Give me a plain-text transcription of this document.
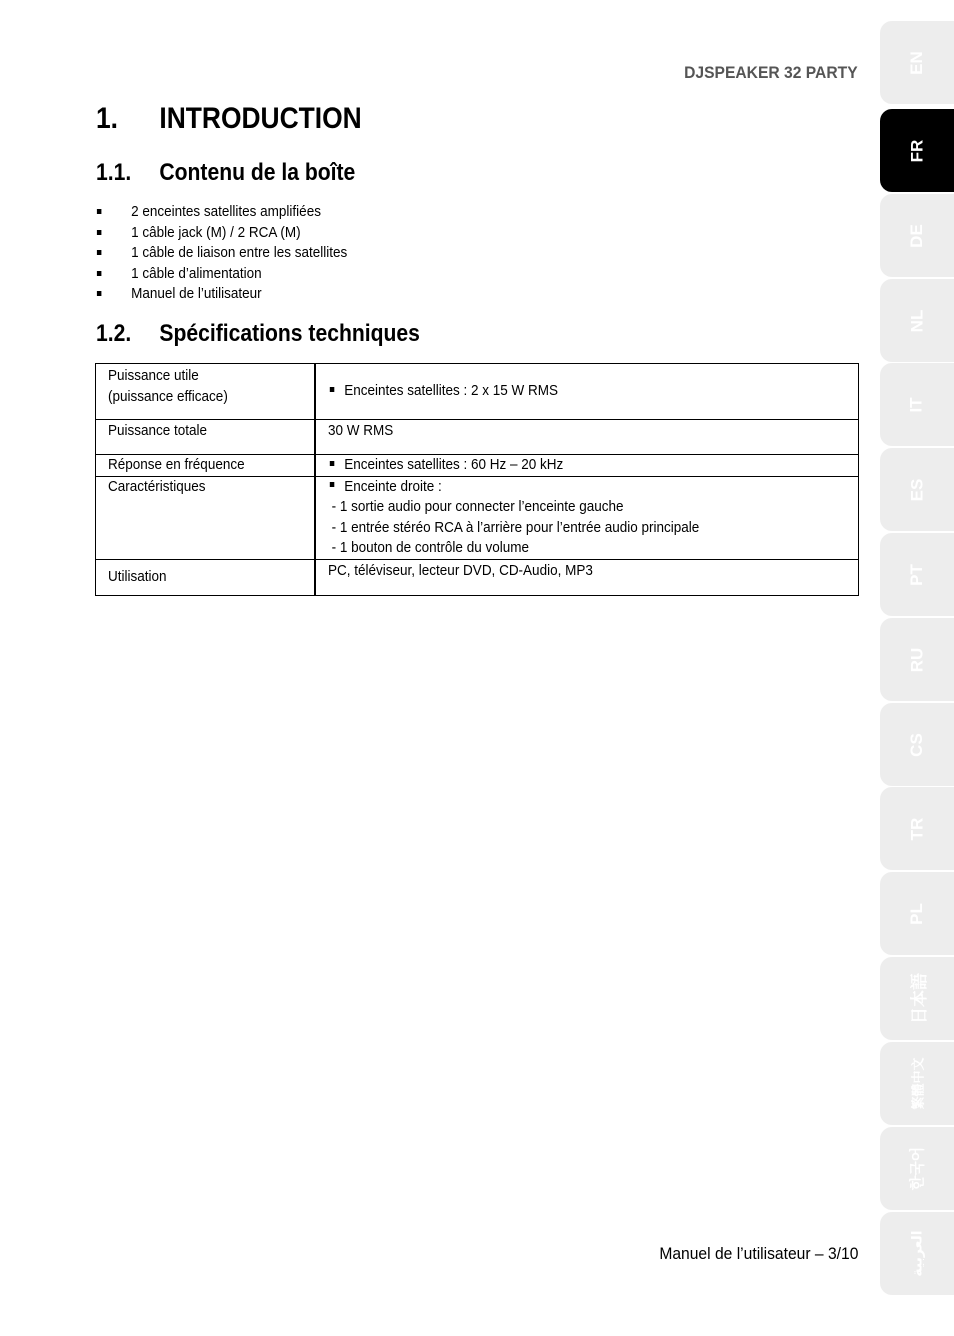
DJSPEAKER 32 PARTY
1. INTRODUCTION
1.1. Contenu de la boîte
2 enceintes satellites amplifiées
1 câble jack (M) / 2 RCA (M)
1 câble de liaison entre les satellites
1 câble d’alimentation
Manuel de l’utilisateur
1.2. Spécifications techniques
Puissance utile
(puissance efficace)	Enceintes satellites : 2 x 15 W RMS

Puissance totale	30 W RMS

Réponse en fréquence	Enceintes satellites : 60 Hz – 20 kHz

Caractéristiques	Enceinte droite :
- 1 sortie audio pour connecter l’enceinte gauche
- 1 entrée stéréo RCA à l’arrière pour l’entrée audio principale
- 1 bouton de contrôle du volume

Utilisation	PC, téléviseur, lecteur DVD, CD-Audio, MP3
EN
FR
DE
NL
IT
ES
PT
RU
CS
TR
PL
日本語
繁體中文
한국어
العربية
Manuel de l’utilisateur – 3/10
